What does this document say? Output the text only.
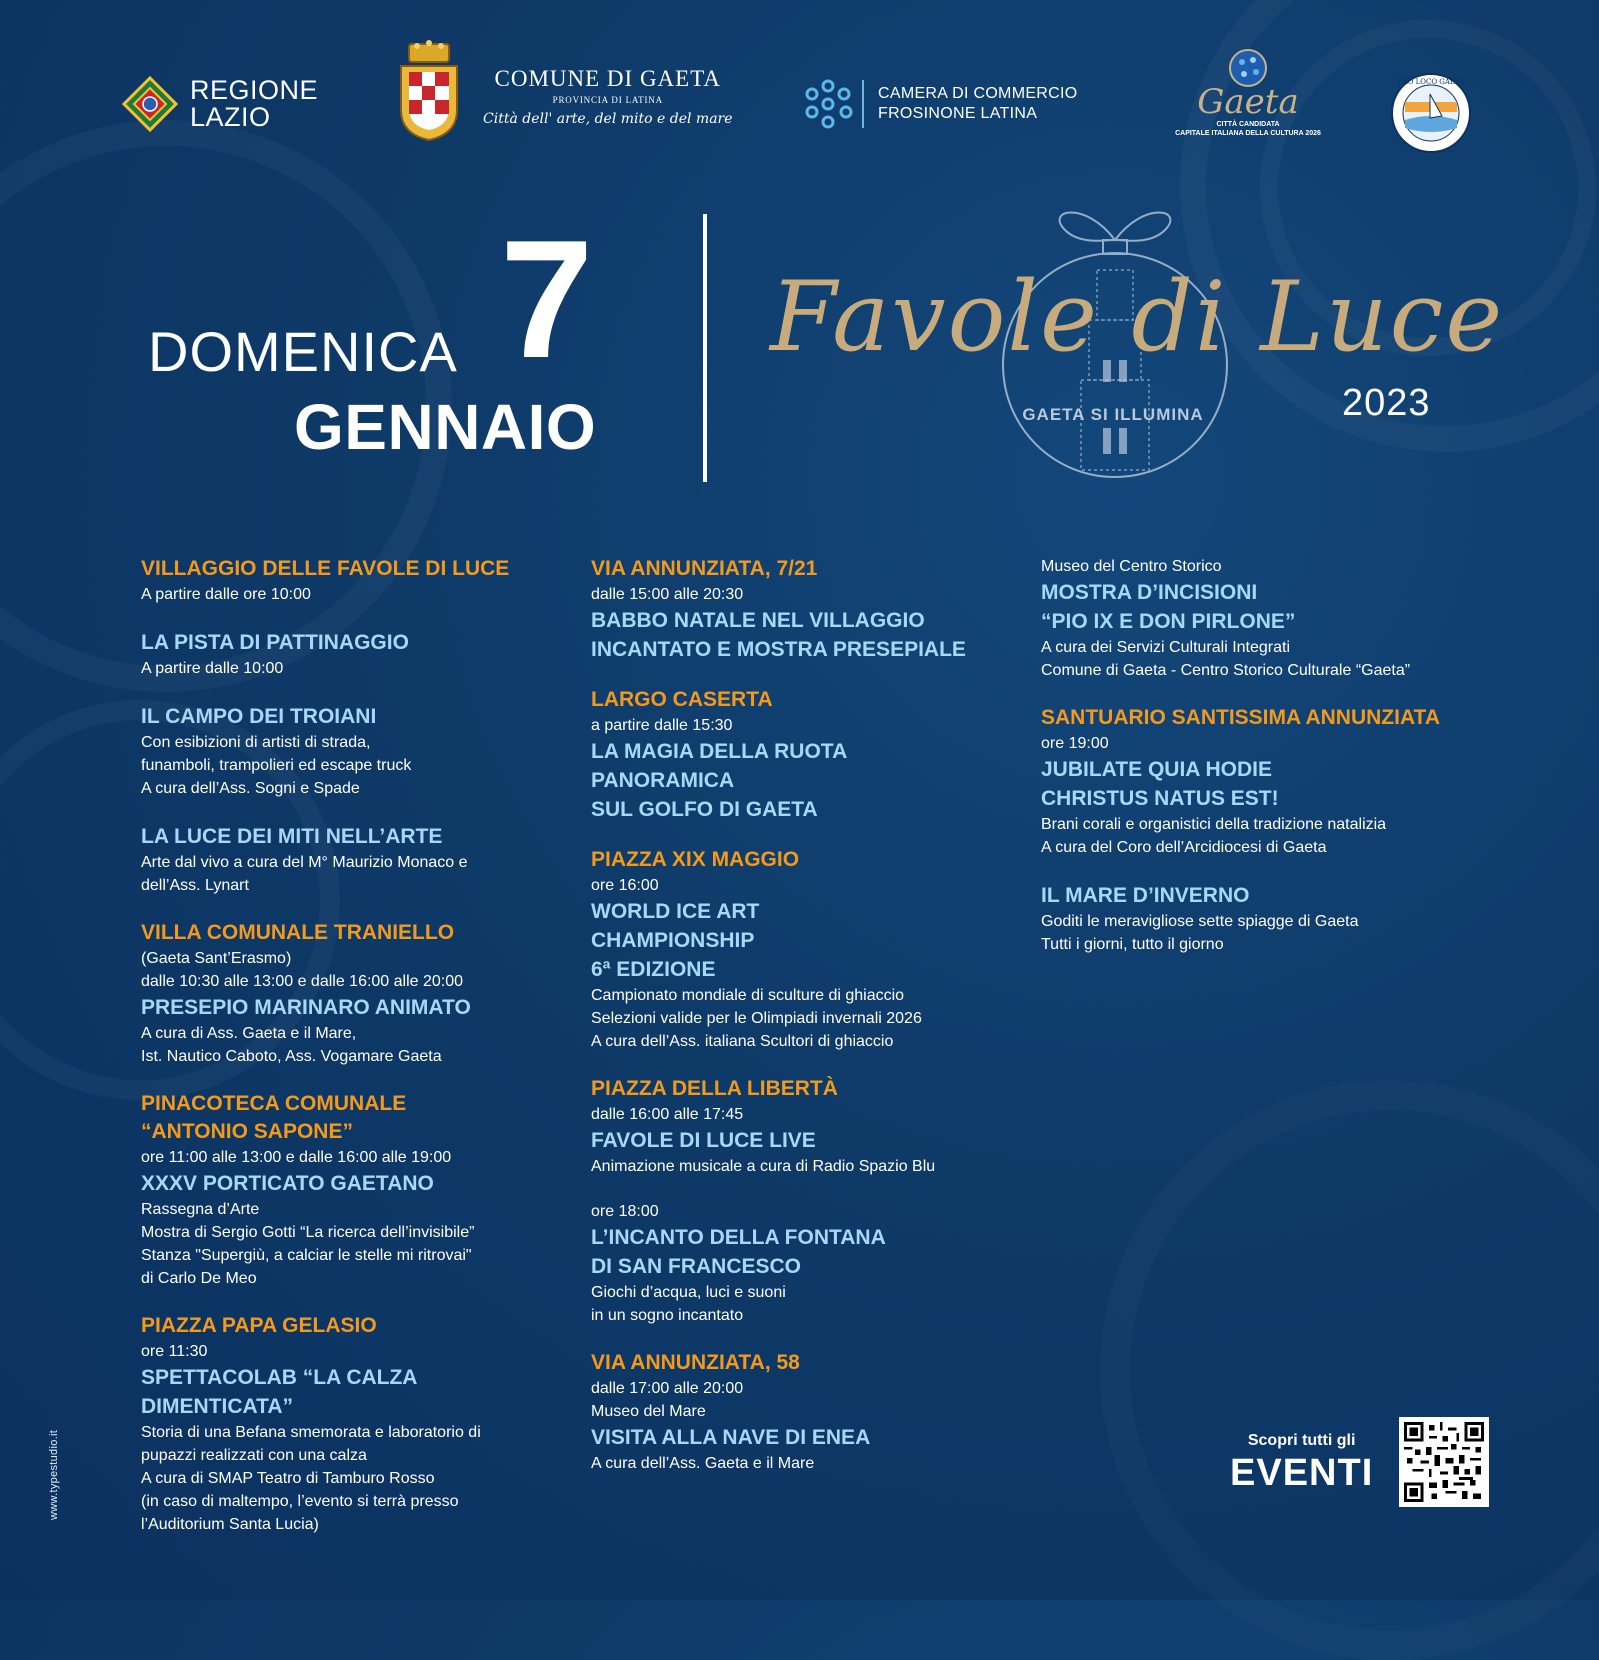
REGIONE
LAZIO
COMUNE DI GAETA
PROVINCIA DI LATINA
Città dell' arte, del mito e del mare
CAMERA DI COMMERCIO
FROSINONE LATINA	Gaeta
CITTÀ CANDIDATA
CAPITALE ITALIANA DELLA CULTURA 2026
PRO LOCO GAETA
DOMENICA 7
GENNAIO
Favole di Luce
GAETA SI ILLUMINA	2023
VILLAGGIO DELLE FAVOLE DI LUCE
A partire dalle ore 10:00
LA PISTA DI PATTINAGGIO
A partire dalle 10:00
IL CAMPO DEI TROIANI
Con esibizioni di artisti di strada,
funamboli, trampolieri ed escape truck
A cura dell’Ass. Sogni e Spade
LA LUCE DEI MITI NELL’ARTE
Arte dal vivo a cura del M° Maurizio Monaco e
dell’Ass. Lynart
VILLA COMUNALE TRANIELLO
(Gaeta Sant’Erasmo)
dalle 10:30 alle 13:00 e dalle 16:00 alle 20:00
PRESEPIO MARINARO ANIMATO
A cura di Ass. Gaeta e il Mare,
Ist. Nautico Caboto, Ass. Vogamare Gaeta
PINACOTECA COMUNALE
“ANTONIO SAPONE”
ore 11:00 alle 13:00 e dalle 16:00 alle 19:00
XXXV PORTICATO GAETANO
Rassegna d’Arte
Mostra di Sergio Gotti “La ricerca dell’invisibile”
Stanza "Supergiù, a calciar le stelle mi ritrovai"
di Carlo De Meo
PIAZZA PAPA GELASIO
ore 11:30
SPETTACOLAB “LA CALZA DIMENTICATA”
Storia di una Befana smemorata e laboratorio di
pupazzi realizzati con una calza
A cura di SMAP Teatro di Tamburo Rosso
(in caso di maltempo, l’evento si terrà presso
l’Auditorium Santa Lucia)
VIA ANNUNZIATA, 7/21
dalle 15:00 alle 20:30
BABBO NATALE NEL VILLAGGIO
INCANTATO E MOSTRA PRESEPIALE
LARGO CASERTA
a partire dalle 15:30
LA MAGIA DELLA RUOTA
PANORAMICA
SUL GOLFO DI GAETA
PIAZZA XIX MAGGIO
ore 16:00
WORLD ICE ART
CHAMPIONSHIP
6ª EDIZIONE
Campionato mondiale di sculture di ghiaccio
Selezioni valide per le Olimpiadi invernali 2026
A cura dell’Ass. italiana Scultori di ghiaccio
PIAZZA DELLA LIBERTÀ
dalle 16:00 alle 17:45
FAVOLE DI LUCE LIVE
Animazione musicale a cura di Radio Spazio Blu
ore 18:00
L’INCANTO DELLA FONTANA
DI SAN FRANCESCO
Giochi d’acqua, luci e suoni
in un sogno incantato
VIA ANNUNZIATA, 58
dalle 17:00 alle 20:00
Museo del Mare
VISITA ALLA NAVE DI ENEA
A cura dell’Ass. Gaeta e il Mare
Museo del Centro Storico
MOSTRA D’INCISIONI
“PIO IX E DON PIRLONE”
A cura dei Servizi Culturali Integrati
Comune di Gaeta - Centro Storico Culturale “Gaeta”
SANTUARIO SANTISSIMA ANNUNZIATA
ore 19:00
JUBILATE QUIA HODIE
CHRISTUS NATUS EST!
Brani corali e organistici della tradizione natalizia
A cura del Coro dell’Arcidiocesi di Gaeta
IL MARE D’INVERNO
Goditi le meravigliose sette spiagge di Gaeta
Tutti i giorni, tutto il giorno
www.typestudio.it	Scopri tutti gli
EVENTI
